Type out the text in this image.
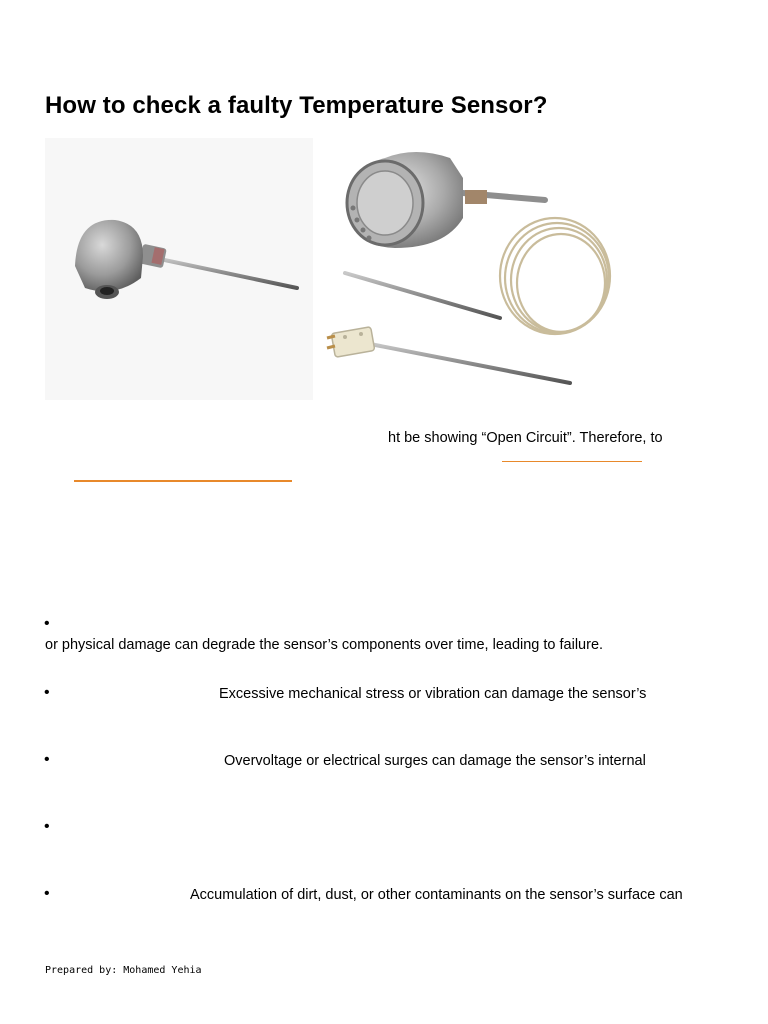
How to check a faulty Temperature Sensor?
ht be showing “Open Circuit”. Therefore, to
•
or physical damage can degrade the sensor’s components over time, leading to failure.
•	Excessive mechanical stress or vibration can damage the sensor’s
•	Overvoltage or electrical surges can damage the sensor’s internal
•
•	Accumulation of dirt, dust, or other contaminants on the sensor’s surface can
Prepared by: Mohamed Yehia
